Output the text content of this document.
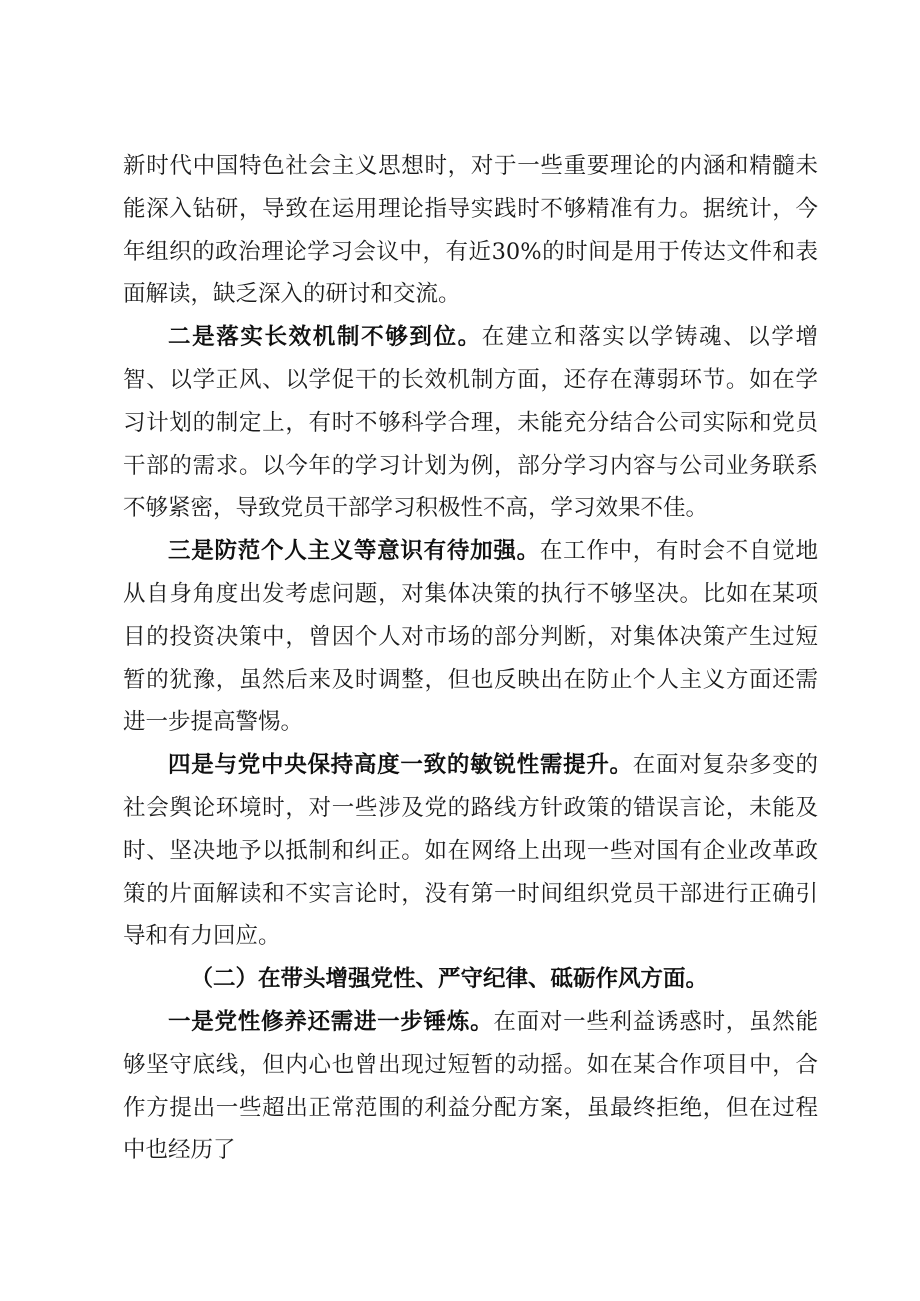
新时代中国特色社会主义思想时，对于一些重要理论的内涵和精髓未能深入钻研，导致在运用理论指导实践时不够精准有力。据统计，今年组织的政治理论学习会议中，有近30%的时间是用于传达文件和表面解读，缺乏深入的研讨和交流。

二是落实长效机制不够到位。在建立和落实以学铸魂、以学增智、以学正风、以学促干的长效机制方面，还存在薄弱环节。如在学习计划的制定上，有时不够科学合理，未能充分结合公司实际和党员干部的需求。以今年的学习计划为例，部分学习内容与公司业务联系不够紧密，导致党员干部学习积极性不高，学习效果不佳。

三是防范个人主义等意识有待加强。在工作中，有时会不自觉地从自身角度出发考虑问题，对集体决策的执行不够坚决。比如在某项目的投资决策中，曾因个人对市场的部分判断，对集体决策产生过短暂的犹豫，虽然后来及时调整，但也反映出在防止个人主义方面还需进一步提高警惕。

四是与党中央保持高度一致的敏锐性需提升。在面对复杂多变的社会舆论环境时，对一些涉及党的路线方针政策的错误言论，未能及时、坚决地予以抵制和纠正。如在网络上出现一些对国有企业改革政策的片面解读和不实言论时，没有第一时间组织党员干部进行正确引导和有力回应。

（二）在带头增强党性、严守纪律、砥砺作风方面。

一是党性修养还需进一步锤炼。在面对一些利益诱惑时，虽然能够坚守底线，但内心也曾出现过短暂的动摇。如在某合作项目中，合作方提出一些超出正常范围的利益分配方案，虽最终拒绝，但在过程中也经历了
